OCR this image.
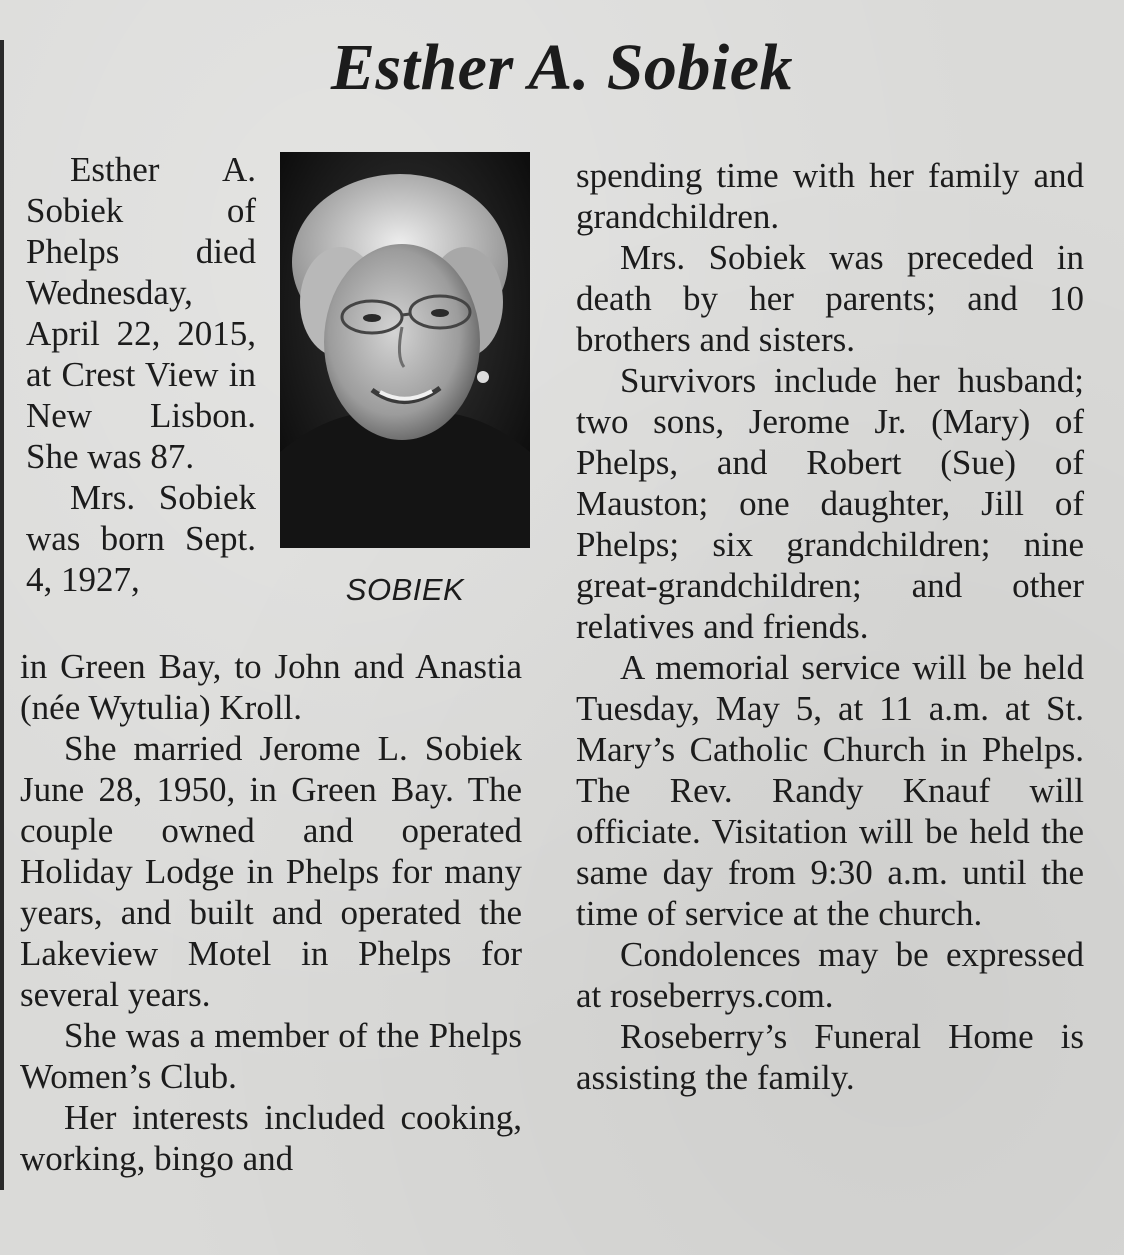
Esther A. Sobiek

Esther A. Sobiek of Phelps died Wednesday, April 22, 2015, at Crest View in New Lisbon. She was 87.

Mrs. Sobiek was born Sept. 4, 1927,	SOBIEK

in Green Bay, to John and Anastia (née Wytulia) Kroll.

She married Jerome L. Sobiek June 28, 1950, in Green Bay. The couple owned and operated Holiday Lodge in Phelps for many years, and built and operated the Lakeview Motel in Phelps for several years.

She was a member of the Phelps Women’s Club.

Her interests included cooking, working, bingo and

spending time with her family and grandchildren.

Mrs. Sobiek was preceded in death by her parents; and 10 brothers and sisters.

Survivors include her husband; two sons, Jerome Jr. (Mary) of Phelps, and Robert (Sue) of Mauston; one daughter, Jill of Phelps; six grandchildren; nine great-grandchildren; and other relatives and friends.

A memorial service will be held Tuesday, May 5, at 11 a.m. at St. Mary’s Catholic Church in Phelps. The Rev. Randy Knauf will officiate. Visitation will be held the same day from 9:30 a.m. until the time of service at the church.

Condolences may be expressed at roseberrys.com.

Roseberry’s Funeral Home is assisting the family.
